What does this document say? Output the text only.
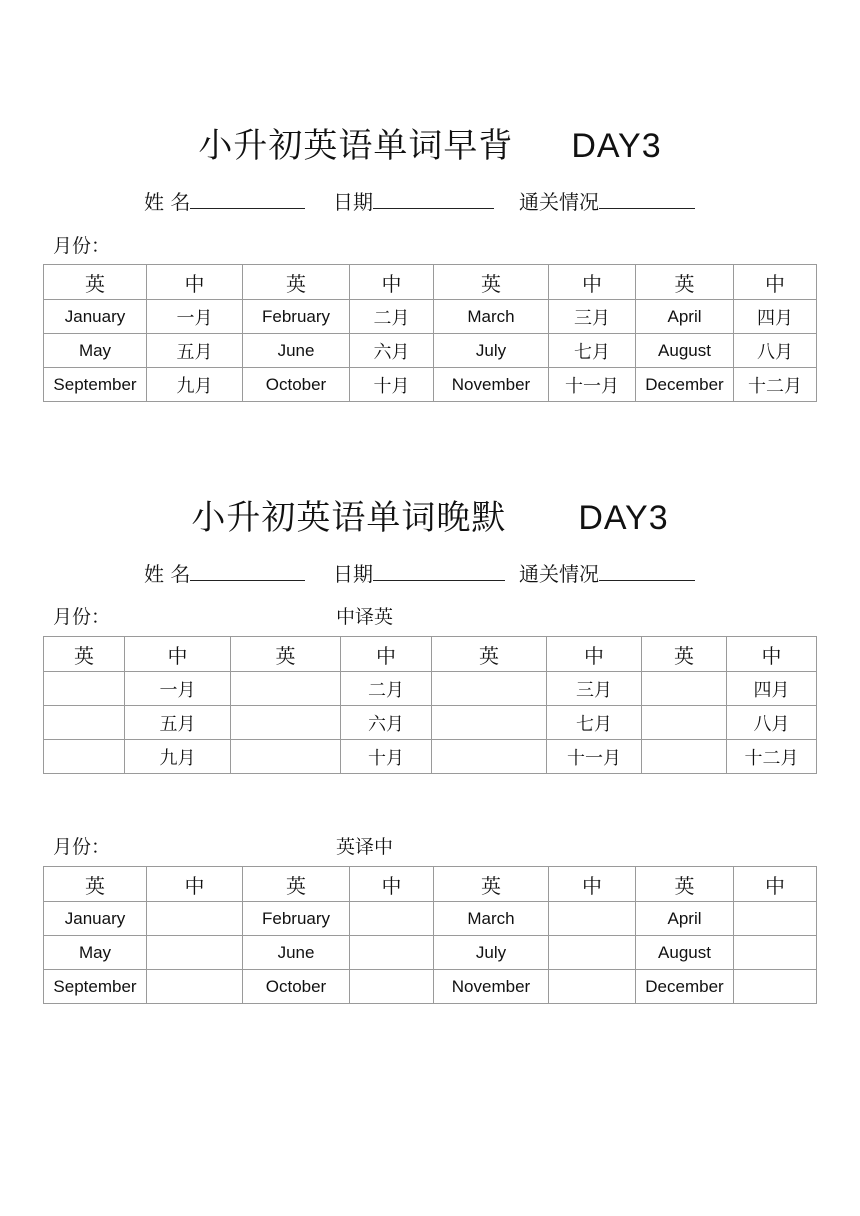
小升初英语单词早背 DAY3
姓 名	日期	通关情况
月份：
英	中	英	中	英	中	英	中
January	一月	February	二月	March	三月	April	四月
May	五月	June	六月	July	七月	August	八月
September	九月	October	十月	November	十一月	December	十二月
小升初英语单词晚默 DAY3
姓 名	日期	通关情况
月份：	中译英
英	中	英	中	英	中	英	中
	一月		二月		三月		四月
	五月		六月		七月		八月
	九月		十月		十一月		十二月
月份：	英译中
英	中	英	中	英	中	英	中
January		February		March		April	
May		June		July		August	
September		October		November		December	
